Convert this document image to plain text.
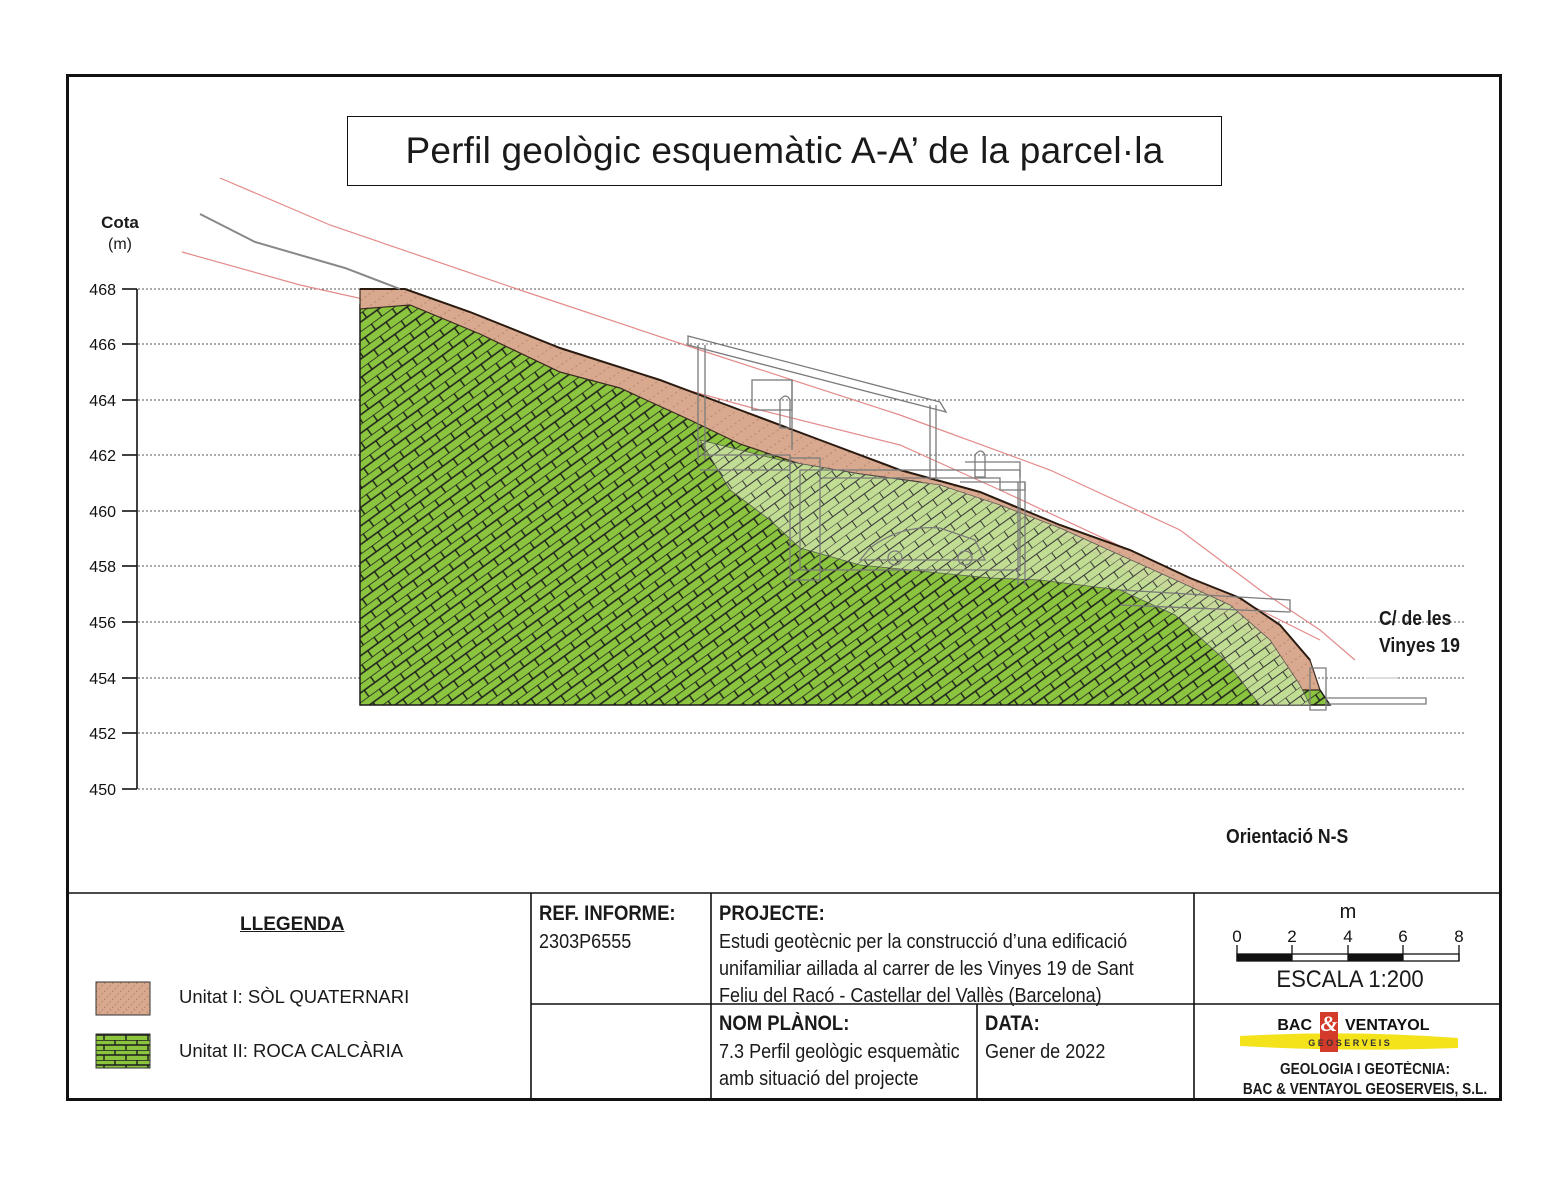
468
466
464
462
460
458
456
454
452
450
0	2	4	6	8
m
BAC & VENTAYOL
G E O S E R V E I S
Perfil geològic esquemàtic A-A’ de la parcel·la
Cota
(m)
C/ de les
Vinyes 19
Orientació N-S
LLEGENDA
Unitat I: SÒL QUATERNARI
Unitat II: ROCA CALCÀRIA
REF. INFORME:
2303P6555
PROJECTE:
Estudi geotècnic per la construcció d’una edificació
unifamiliar aillada al carrer de les Vinyes 19 de Sant
Feliu del Racó - Castellar del Vallès (Barcelona)
NOM PLÀNOL:
7.3 Perfil geològic esquemàtic
amb situació del projecte
DATA:
Gener de 2022
ESCALA 1:200
GEOLOGIA I GEOTÈCNIA:
BAC & VENTAYOL GEOSERVEIS, S.L.
